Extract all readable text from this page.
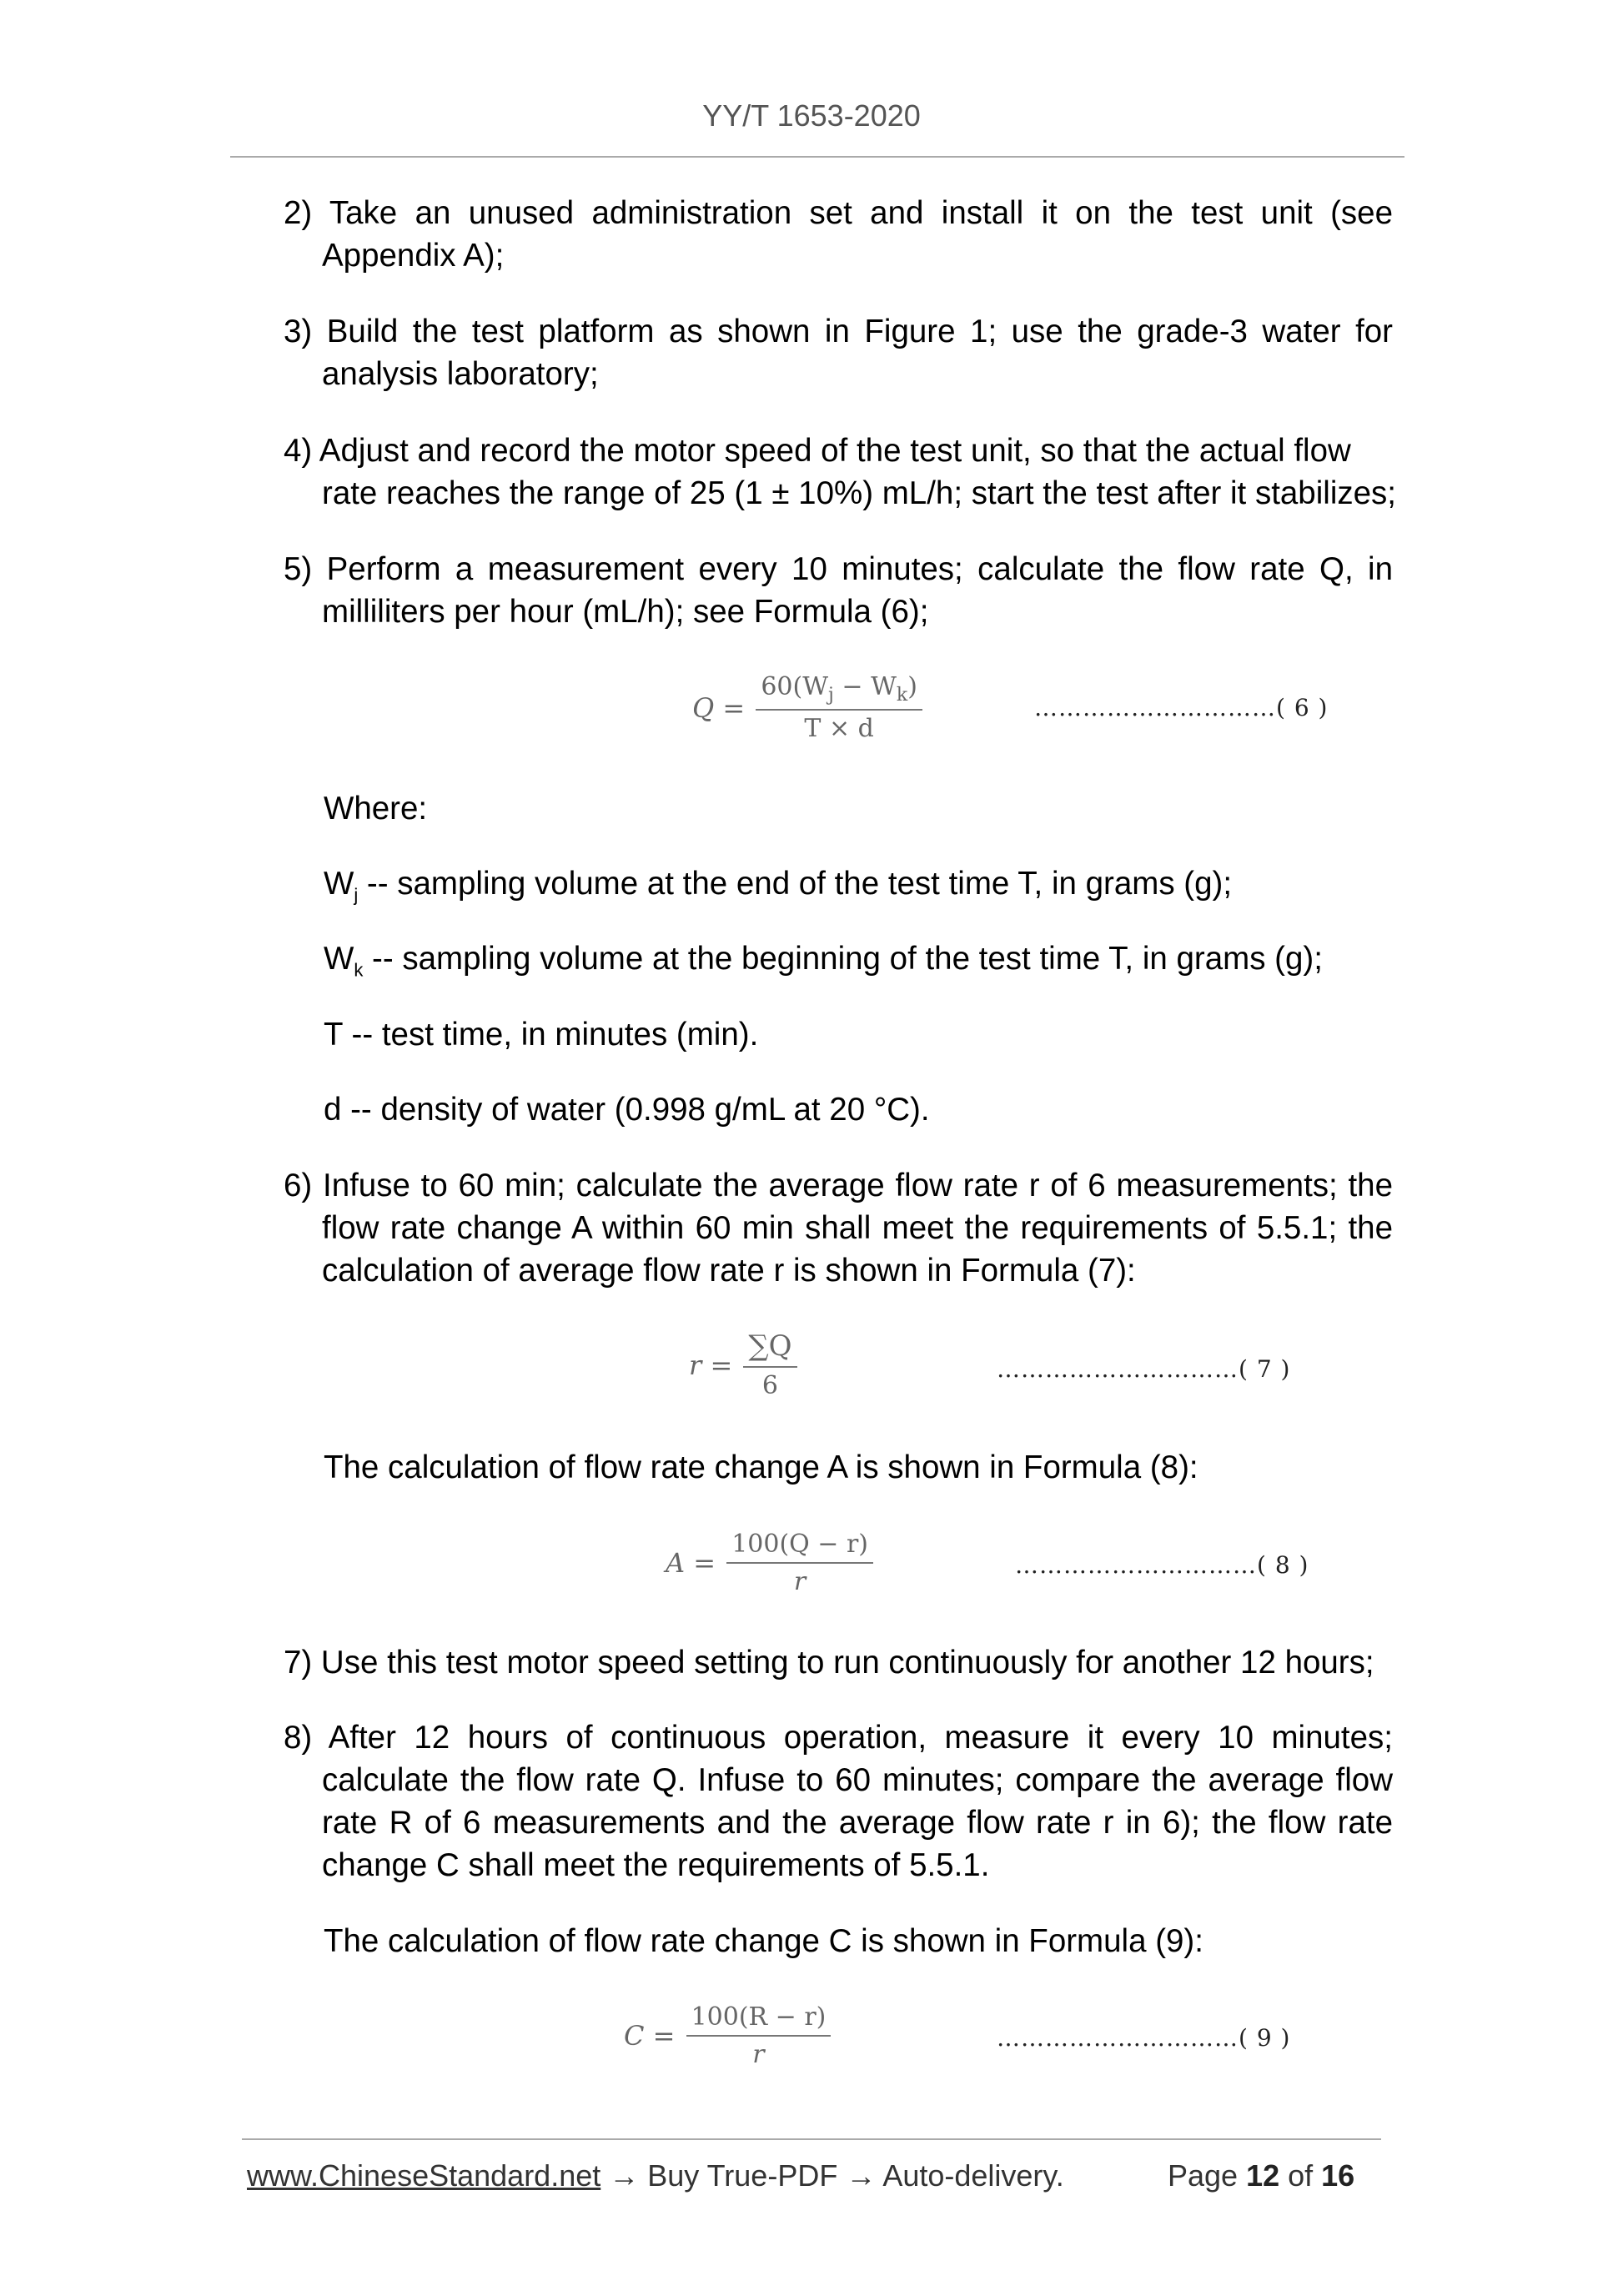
YY/T 1653-2020

2) Take an unused administration set and install it on the test unit (see Appendix A);

3) Build the test platform as shown in Figure 1; use the grade-3 water for analysis laboratory;

4) Adjust and record the motor speed of the test unit, so that the actual flow rate reaches the range of 25 (1 ± 10%) mL/h; start the test after it stabilizes;

5) Perform a measurement every 10 minutes; calculate the flow rate Q, in milliliters per hour (mL/h); see Formula (6);

$Q = \frac{60(W_j - W_k)}{T \times d}$	…………………………( 6 )

Where:

$W_j$ -- sampling volume at the end of the test time T, in grams (g);

$W_k$ -- sampling volume at the beginning of the test time T, in grams (g);

T -- test time, in minutes (min).

d -- density of water (0.998 g/mL at 20 °C).

6) Infuse to 60 min; calculate the average flow rate r of 6 measurements; the flow rate change A within 60 min shall meet the requirements of 5.5.1; the calculation of average flow rate r is shown in Formula (7):

$r = \frac{\sum Q}{6}$	…………………………( 7 )

The calculation of flow rate change A is shown in Formula (8):

$A = \frac{100(Q - r)}{r}$	…………………………( 8 )

7) Use this test motor speed setting to run continuously for another 12 hours;

8) After 12 hours of continuous operation, measure it every 10 minutes; calculate the flow rate Q. Infuse to 60 minutes; compare the average flow rate R of 6 measurements and the average flow rate r in 6); the flow rate change C shall meet the requirements of 5.5.1.

The calculation of flow rate change C is shown in Formula (9):

$C = \frac{100(R - r)}{r}$	…………………………( 9 )
www.ChineseStandard.net → Buy True-PDF → Auto-delivery.	Page 12 of 16
